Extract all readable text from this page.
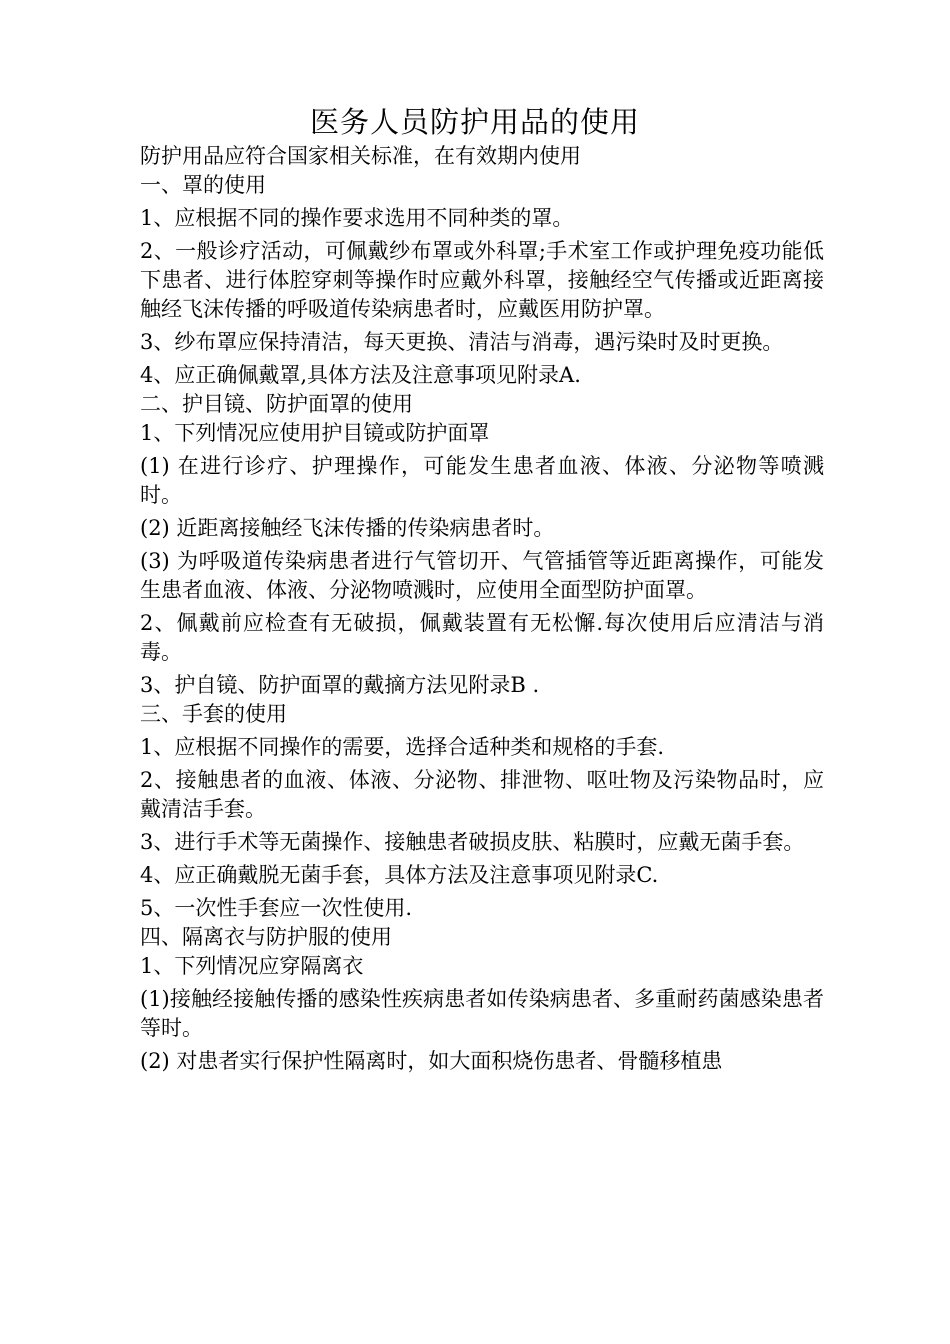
医务人员防护用品的使用

防护用品应符合国家相关标准，在有效期内使用

一、罩的使用

1、应根据不同的操作要求选用不同种类的罩。

2、一般诊疗活动，可佩戴纱布罩或外科罩;手术室工作或护理免疫功能低下患者、进行体腔穿刺等操作时应戴外科罩，接触经空气传播或近距离接触经飞沫传播的呼吸道传染病患者时，应戴医用防护罩。

3、纱布罩应保持清洁，每天更换、清洁与消毒，遇污染时及时更换。

4、应正确佩戴罩,具体方法及注意事项见附录A.

二、护目镜、防护面罩的使用

1、下列情况应使用护目镜或防护面罩

(1) 在进行诊疗、护理操作，可能发生患者血液、体液、分泌物等喷溅时。

(2) 近距离接触经飞沫传播的传染病患者时。

(3) 为呼吸道传染病患者进行气管切开、气管插管等近距离操作，可能发生患者血液、体液、分泌物喷溅时，应使用全面型防护面罩。

2、佩戴前应检查有无破损，佩戴装置有无松懈.每次使用后应清洁与消毒。

3、护自镜、防护面罩的戴摘方法见附录B .

三、手套的使用

1、应根据不同操作的需要，选择合适种类和规格的手套.

2、接触患者的血液、体液、分泌物、排泄物、呕吐物及污染物品时，应戴清洁手套。

3、进行手术等无菌操作、接触患者破损皮肤、粘膜时，应戴无菌手套。

4、应正确戴脱无菌手套，具体方法及注意事项见附录C.

5、一次性手套应一次性使用.

四、隔离衣与防护服的使用

1、下列情况应穿隔离衣

(1)接触经接触传播的感染性疾病患者如传染病患者、多重耐药菌感染患者等时。

(2) 对患者实行保护性隔离时，如大面积烧伤患者、骨髓移植患
